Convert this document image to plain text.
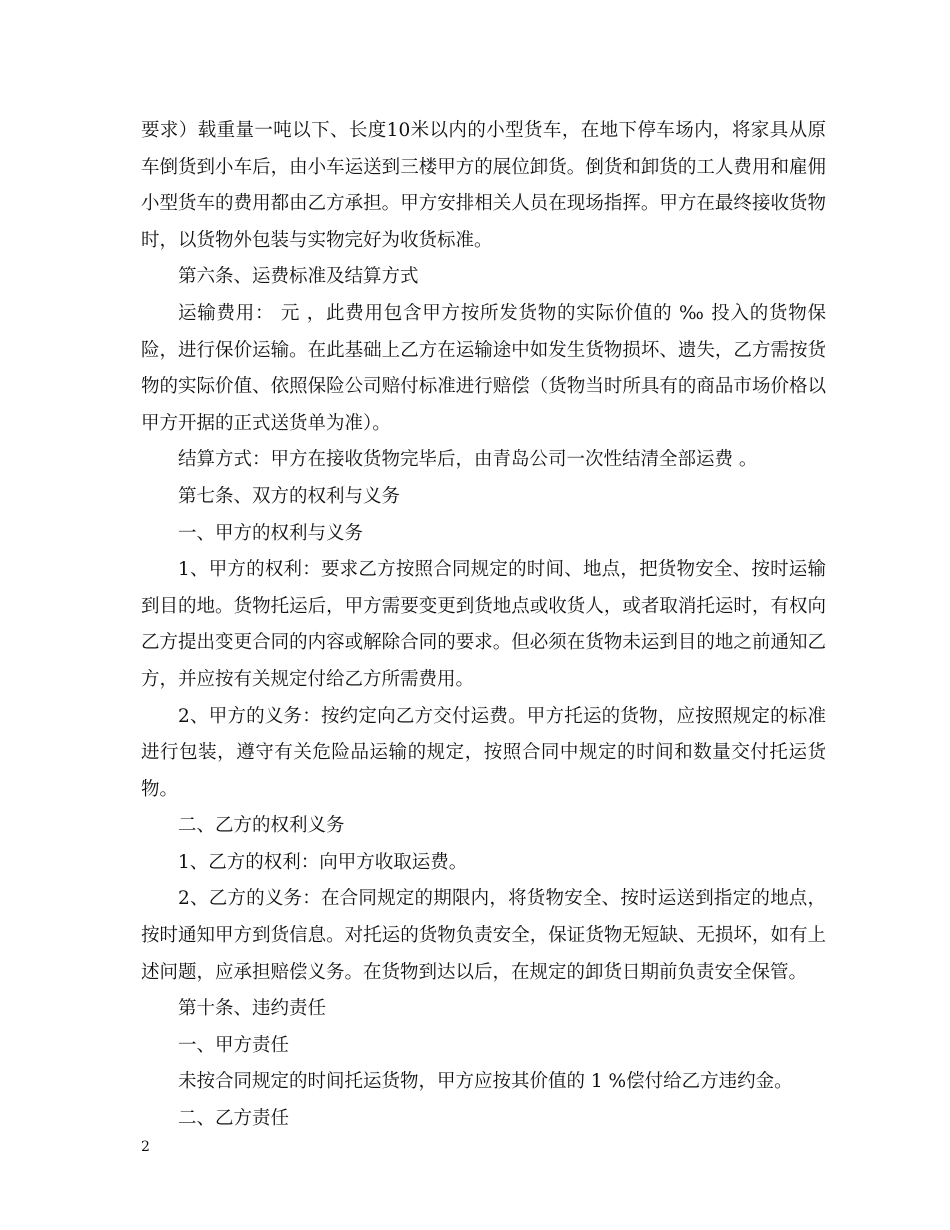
要求）载重量一吨以下、长度10米以内的小型货车，在地下停车场内，将家具从原车倒货到小车后，由小车运送到三楼甲方的展位卸货。倒货和卸货的工人费用和雇佣小型货车的费用都由乙方承担。甲方安排相关人员在现场指挥。甲方在最终接收货物时，以货物外包装与实物完好为收货标准。

第六条、运费标准及结算方式

运输费用： 元 ，此费用包含甲方按所发货物的实际价值的 ‰ 投入的货物保险，进行保价运输。在此基础上乙方在运输途中如发生货物损坏、遗失，乙方需按货物的实际价值、依照保险公司赔付标准进行赔偿（货物当时所具有的商品市场价格以甲方开据的正式送货单为准）。

结算方式：甲方在接收货物完毕后，由青岛公司一次性结清全部运费 。

第七条、双方的权利与义务

一、甲方的权利与义务

1、甲方的权利：要求乙方按照合同规定的时间、地点，把货物安全、按时运输到目的地。货物托运后，甲方需要变更到货地点或收货人，或者取消托运时，有权向乙方提出变更合同的内容或解除合同的要求。但必须在货物未运到目的地之前通知乙方，并应按有关规定付给乙方所需费用。

2、甲方的义务：按约定向乙方交付运费。甲方托运的货物，应按照规定的标准进行包装，遵守有关危险品运输的规定，按照合同中规定的时间和数量交付托运货物。

二、乙方的权利义务

1、乙方的权利：向甲方收取运费。

2、乙方的义务：在合同规定的期限内，将货物安全、按时运送到指定的地点，按时通知甲方到货信息。对托运的货物负责安全，保证货物无短缺、无损坏，如有上述问题，应承担赔偿义务。在货物到达以后，在规定的卸货日期前负责安全保管。

第十条、违约责任

一、甲方责任

未按合同规定的时间托运货物，甲方应按其价值的 1 %偿付给乙方违约金。

二、乙方责任

2
